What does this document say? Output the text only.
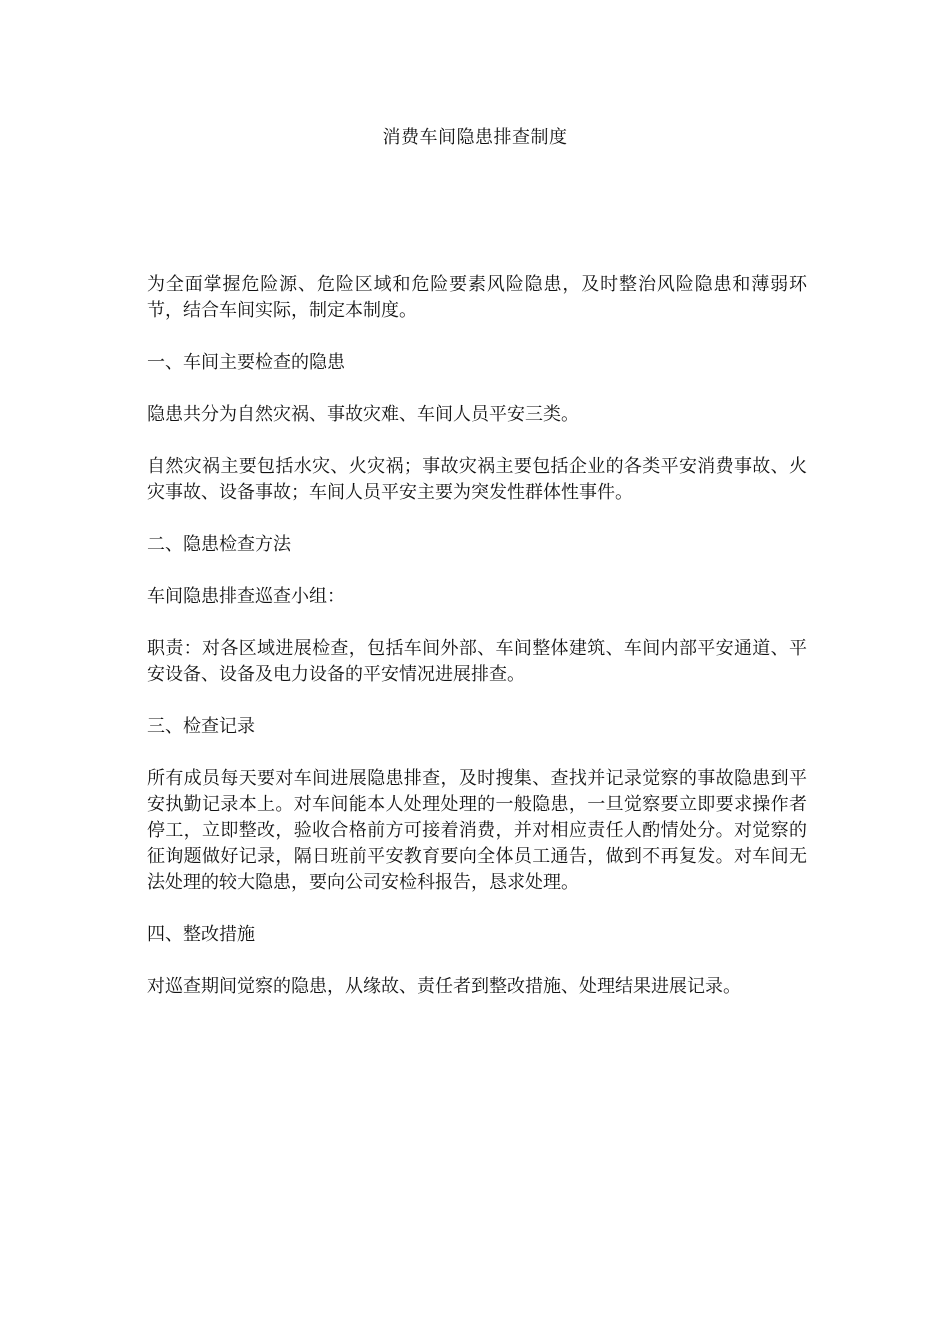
消费车间隐患排查制度

为全面掌握危险源、危险区域和危险要素风险隐患，及时整治风险隐患和薄弱环节，结合车间实际，制定本制度。

一、车间主要检查的隐患

隐患共分为自然灾祸、事故灾难、车间人员平安三类。

自然灾祸主要包括水灾、火灾祸；事故灾祸主要包括企业的各类平安消费事故、火灾事故、设备事故；车间人员平安主要为突发性群体性事件。

二、隐患检查方法

车间隐患排查巡查小组：

职责：对各区域进展检查，包括车间外部、车间整体建筑、车间内部平安通道、平安设备、设备及电力设备的平安情况进展排查。

三、检查记录

所有成员每天要对车间进展隐患排查，及时搜集、查找并记录觉察的事故隐患到平安执勤记录本上。对车间能本人处理处理的一般隐患，一旦觉察要立即要求操作者停工，立即整改，验收合格前方可接着消费，并对相应责任人酌情处分。对觉察的征询题做好记录，隔日班前平安教育要向全体员工通告，做到不再复发。对车间无法处理的较大隐患，要向公司安检科报告，恳求处理。

四、整改措施

对巡查期间觉察的隐患，从缘故、责任者到整改措施、处理结果进展记录。
